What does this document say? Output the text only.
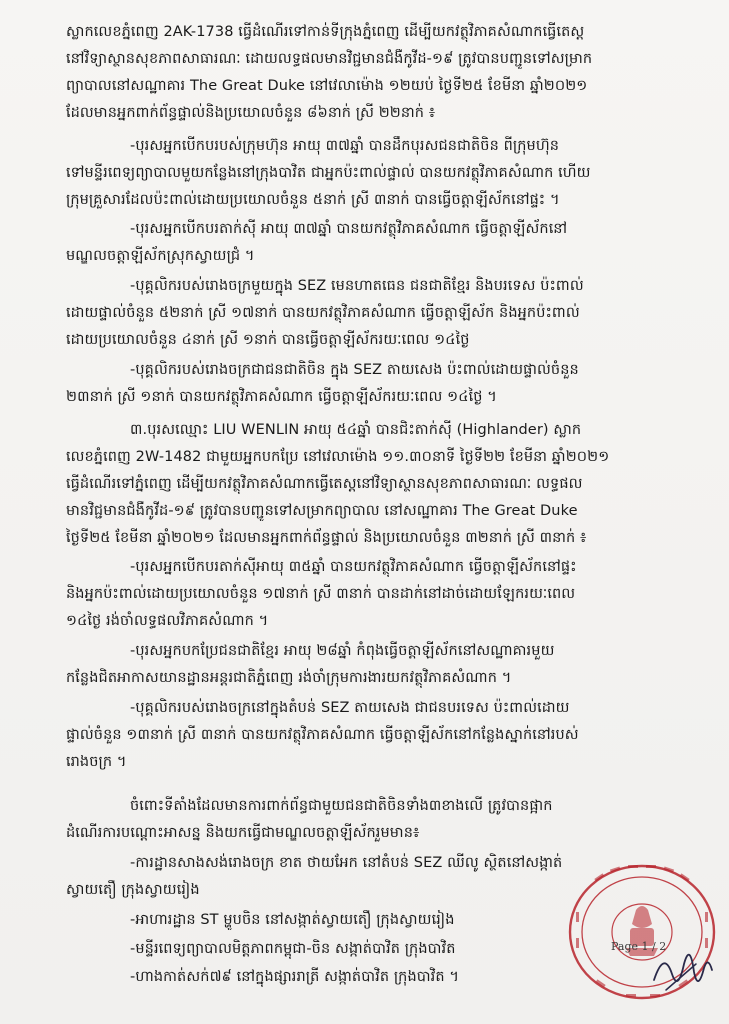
ស្លាកលេខភ្នំពេញ 2AK-1738 ធ្វើដំណើរទៅកាន់ទីក្រុងភ្នំពេញ ដើម្បីយកវត្ថុវិភាគសំណាកធ្វើតេស្ត
នៅវិទ្យាស្ថានសុខភាពសាធារណៈ ដោយលទ្ធផលមានវិជ្ជមានជំងឺកូវីដ-១៩ ត្រូវបានបញ្ជូនទៅសម្រាក
ព្យាបាលនៅសណ្ឋាគារ The Great Duke នៅវេលាម៉ោង ១២យប់ ថ្ងៃទី២៥ ខែមីនា ឆ្នាំ២០២១
ដែលមានអ្នកពាក់ព័ន្ធផ្ទាល់និងប្រយោលចំនួន ៨៦នាក់ ស្រី ២២នាក់ ៖
-បុរសអ្នកបើកបរបស់ក្រុមហ៊ុន អាយុ ៣៧ឆ្នាំ បានដឹកបុរសជនជាតិចិន ពីក្រុមហ៊ុន
ទៅមន្ទីរពេទ្យព្យាបាលមួយកន្លែងនៅក្រុងបាវិត ជាអ្នកប៉ះពាល់ផ្ទាល់ បានយកវត្ថុវិភាគសំណាក ហើយ
ក្រុមគ្រួសារដែលប៉ះពាល់ដោយប្រយោលចំនួន ៥នាក់ ស្រី ៣នាក់ បានធ្វើចត្តាឡីស័កនៅផ្ទះ ។
-បុរសអ្នកបើកបរតាក់ស៊ី អាយុ ៣៧ឆ្នាំ បានយកវត្ថុវិភាគសំណាក ធ្វើចត្តាឡីស័កនៅ
មណ្ឌលចត្តាឡីស័កស្រុកស្វាយជ្រំ ។
-បុគ្គលិករបស់រោងចក្រមួយក្នុង SEZ មេនហាតធេន ជនជាតិខ្មែរ និងបរទេស ប៉ះពាល់
ដោយផ្ទាល់ចំនួន ៥២នាក់ ស្រី ១៧នាក់ បានយកវត្ថុវិភាគសំណាក ធ្វើចត្តាឡីស័ក និងអ្នកប៉ះពាល់
ដោយប្រយោលចំនួន ៤នាក់ ស្រី ១នាក់ បានធ្វើចត្តាឡីស័ករយៈពេល ១៤ថ្ងៃ
-បុគ្គលិករបស់រោងចក្រជាជនជាតិចិន ក្នុង SEZ តាយសេង ប៉ះពាល់ដោយផ្ទាល់ចំនួន
២៣នាក់ ស្រី ១នាក់ បានយកវត្ថុវិភាគសំណាក ធ្វើចត្តាឡីស័ករយៈពេល ១៤ថ្ងៃ ។
៣.បុរសឈ្មោះ LIU WENLIN អាយុ ៥៤ឆ្នាំ បានជិះតាក់ស៊ី (Highlander) ស្លាក
លេខភ្នំពេញ 2W-1482 ជាមួយអ្នកបកប្រែ នៅវេលាម៉ោង ១១.៣០នាទី ថ្ងៃទី២២ ខែមីនា ឆ្នាំ២០២១
ធ្វើដំណើរទៅភ្នំពេញ ដើម្បីយកវត្ថុវិភាគសំណាកធ្វើតេស្តនៅវិទ្យាស្ថានសុខភាពសាធារណៈ លទ្ធផល
មានវិជ្ជមានជំងឺកូវីដ-១៩ ត្រូវបានបញ្ជូនទៅសម្រាកព្យាបាល នៅសណ្ឋាគារ The Great Duke
ថ្ងៃទី២៥ ខែមីនា ឆ្នាំ២០២១ ដែលមានអ្នកពាក់ព័ន្ធផ្ទាល់ និងប្រយោលចំនួន ៣២នាក់ ស្រី ៣នាក់ ៖
-បុរសអ្នកបើកបរតាក់ស៊ីអាយុ ៣៥ឆ្នាំ បានយកវត្ថុវិភាគសំណាក ធ្វើចត្តាឡីស័កនៅផ្ទះ
និងអ្នកប៉ះពាល់ដោយប្រយោលចំនួន ១៧នាក់ ស្រី ៣នាក់ បានដាក់នៅដាច់ដោយឡែករយៈពេល
១៤ថ្ងៃ រង់ចាំលទ្ធផលវិភាគសំណាក ។
-បុរសអ្នកបកប្រែជនជាតិខ្មែរ អាយុ ២៨ឆ្នាំ កំពុងធ្វើចត្តាឡីស័កនៅសណ្ឋាគារមួយ
កន្លែងជិតអាកាសយានដ្ឋានអន្តរជាតិភ្នំពេញ រង់ចាំក្រុមការងារយកវត្ថុវិភាគសំណាក ។
-បុគ្គលិករបស់រោងចក្រនៅក្នុងតំបន់ SEZ តាយសេង ជាជនបរទេស ប៉ះពាល់ដោយ
ផ្ទាល់ចំនួន ១៣នាក់ ស្រី ៣នាក់ បានយកវត្ថុវិភាគសំណាក ធ្វើចត្តាឡីស័កនៅកន្លែងស្នាក់នៅរបស់
រោងចក្រ ។
ចំពោះទីតាំងដែលមានការពាក់ព័ន្ធជាមួយជនជាតិចិនទាំង៣ខាងលើ ត្រូវបានផ្អាក
ដំណើរការបណ្តោះអាសន្ន និងយកធ្វើជាមណ្ឌលចត្តាឡីស័ករួមមាន៖
-ការដ្ឋានសាងសង់រោងចក្រ ខាត ថាយអែក នៅតំបន់ SEZ ឈីលូ ស្ថិតនៅសង្កាត់
ស្វាយតឿ ក្រុងស្វាយរៀង
-អាហារដ្ឋាន ST ម្ហូបចិន នៅសង្កាត់ស្វាយតឿ ក្រុងស្វាយរៀង
-មន្ទីរពេទ្យព្យាបាលមិត្តភាពកម្ពុជា-ចិន សង្កាត់បាវិត ក្រុងបាវិត
-ហាងកាត់សក់៧៩ នៅក្នុងផ្សាររាត្រី សង្កាត់បាវិត ក្រុងបាវិត ។
Page 1 / 2
